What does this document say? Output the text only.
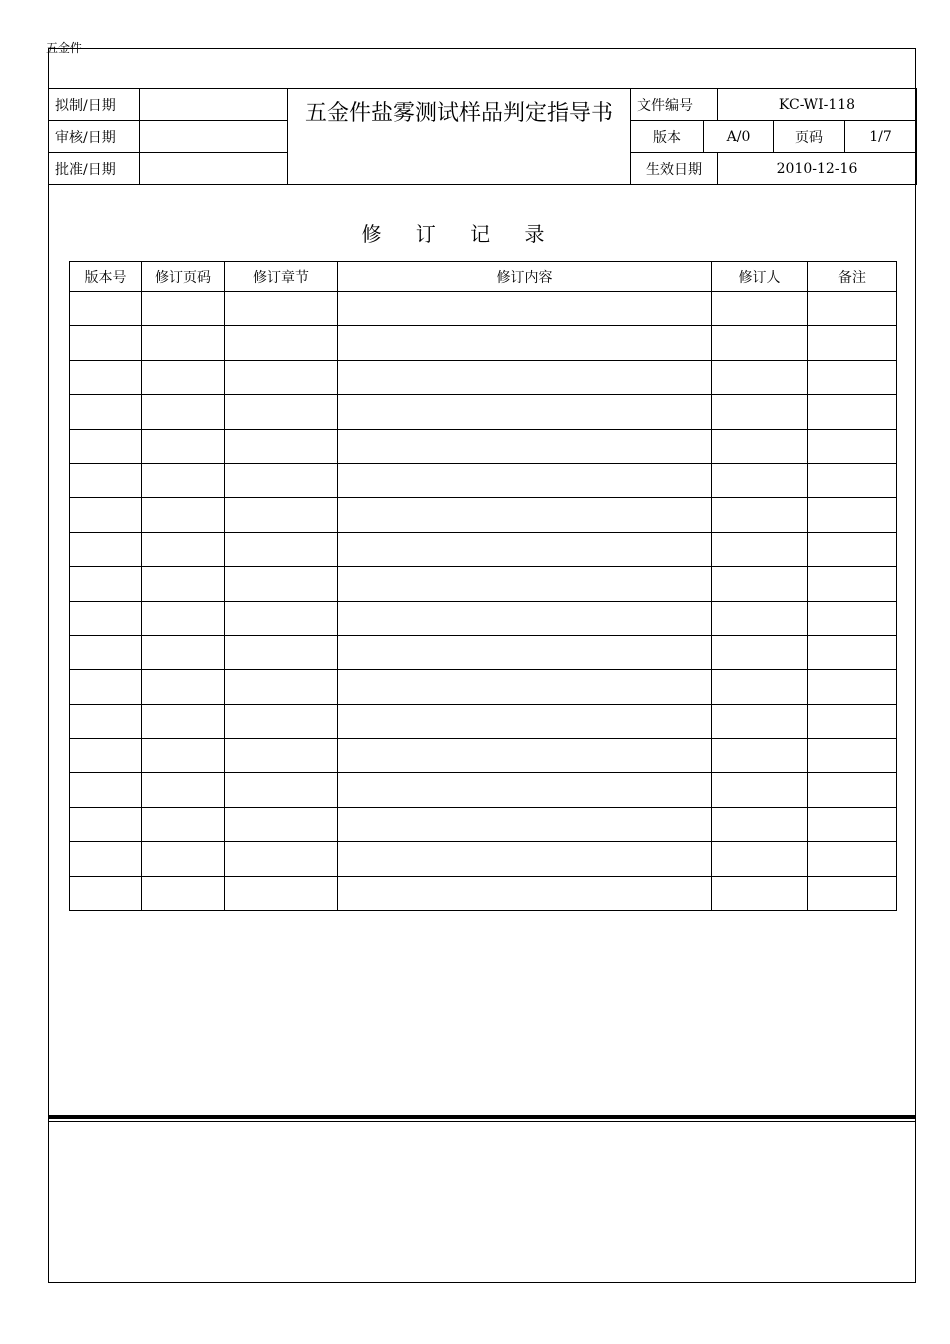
五金件
拟制/日期		五金件盐雾测试样品判定指导书	文件编号		KC-WI-118		
审核/日期			版本	A/0		页码	1/7
批准/日期			生效日期		2010-12-16		
修 订 记 录
版本号	修订页码	修订章节	修订内容	修订人	备注
